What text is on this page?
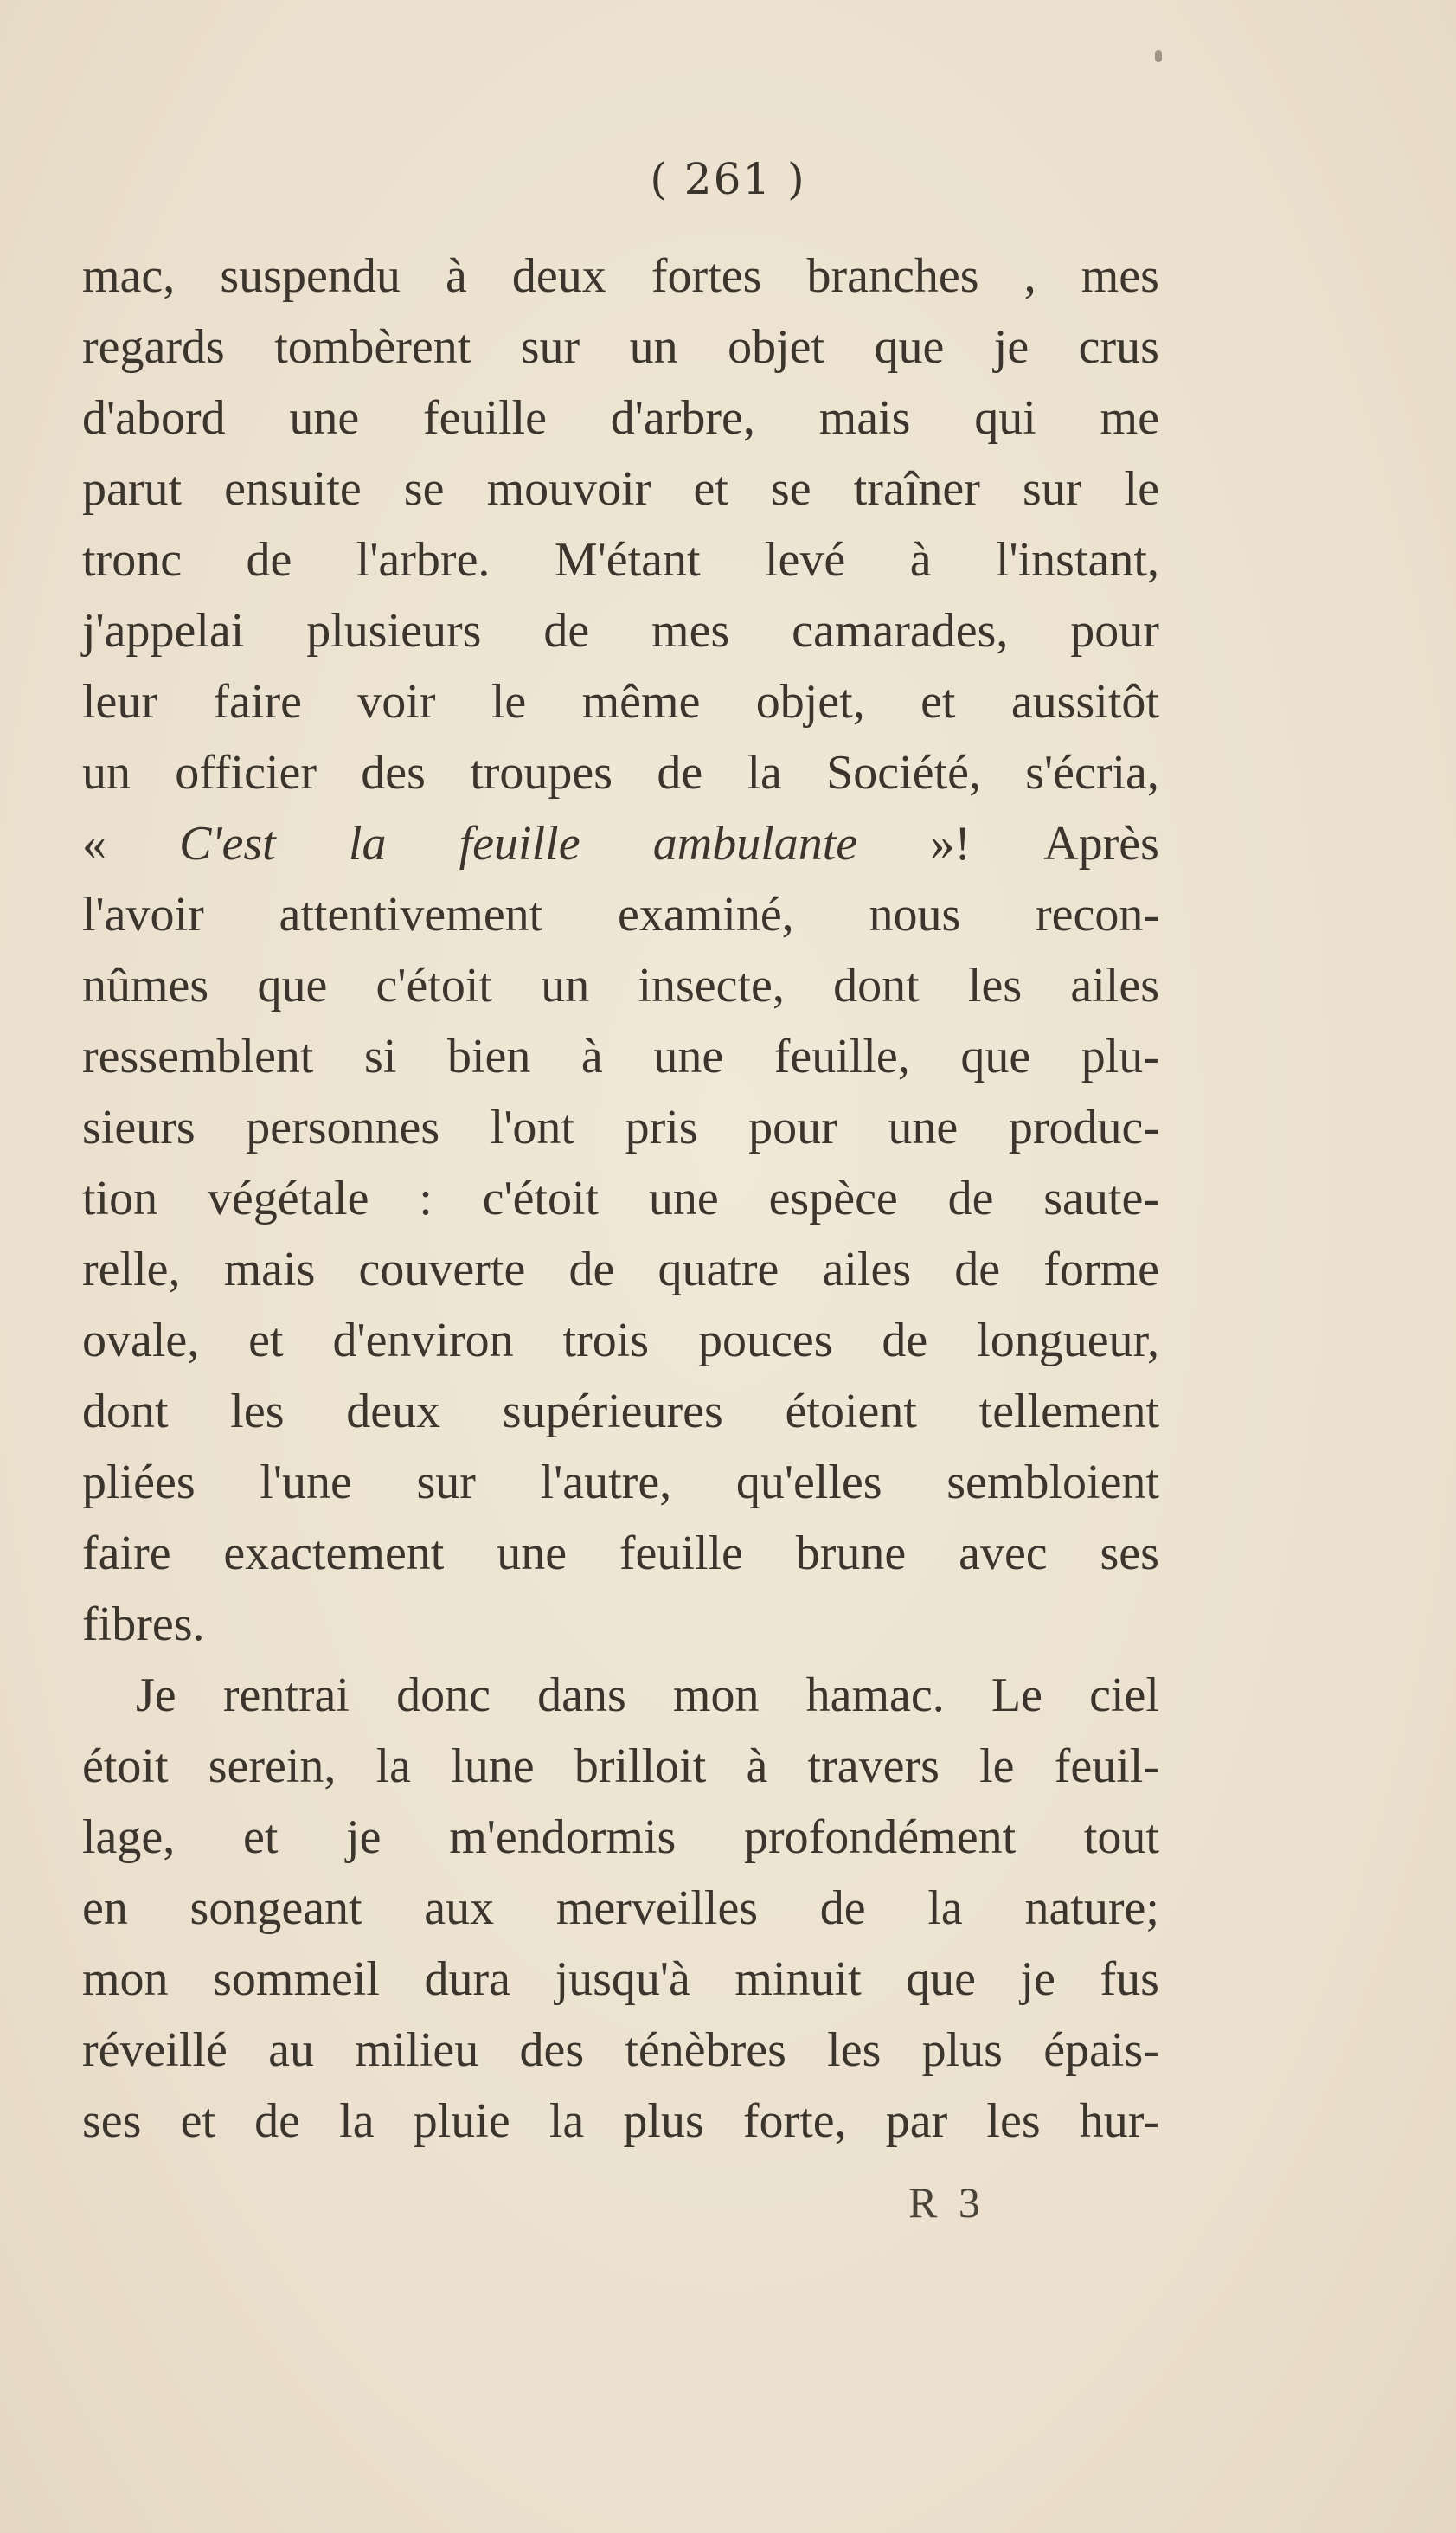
( 261 )
mac, suspendu à deux fortes branches , mes
regards tombèrent sur un objet que je crus
d'abord une feuille d'arbre, mais qui me
parut ensuite se mouvoir et se traîner sur le
tronc de l'arbre. M'étant levé à l'instant,
j'appelai plusieurs de mes camarades, pour
leur faire voir le même objet, et aussitôt
un officier des troupes de la Société, s'écria,
« C'est la feuille ambulante »! Après
l'avoir attentivement examiné, nous recon-
nûmes que c'étoit un insecte, dont les ailes
ressemblent si bien à une feuille, que plu-
sieurs personnes l'ont pris pour une produc-
tion végétale : c'étoit une espèce de saute-
relle, mais couverte de quatre ailes de forme
ovale, et d'environ trois pouces de longueur,
dont les deux supérieures étoient tellement
pliées l'une sur l'autre, qu'elles sembloient
faire exactement une feuille brune avec ses
fibres.
Je rentrai donc dans mon hamac. Le ciel
étoit serein, la lune brilloit à travers le feuil-
lage, et je m'endormis profondément tout
en songeant aux merveilles de la nature;
mon sommeil dura jusqu'à minuit que je fus
réveillé au milieu des ténèbres les plus épais-
ses et de la pluie la plus forte, par les hur-
R 3
